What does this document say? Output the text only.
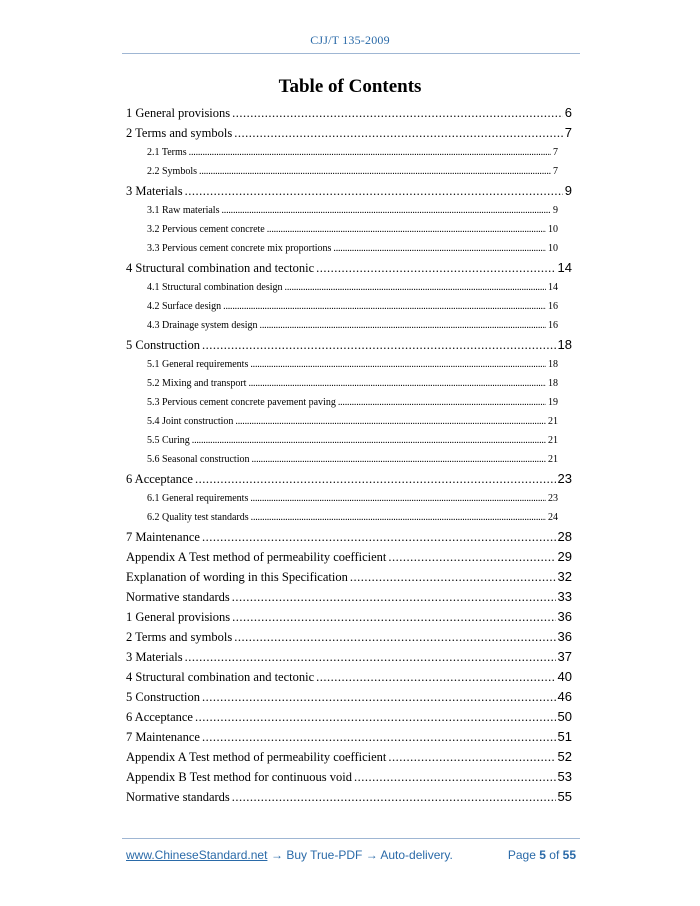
CJJ/T 135-2009
Table of Contents
1 General provisions .....	6
2 Terms and symbols .....	7
2.1 Terms .....	7
2.2 Symbols .....	7
3 Materials .....	9
3.1 Raw materials .....	9
3.2 Pervious cement concrete .....	10
3.3 Pervious cement concrete mix proportions .....	10
4 Structural combination and tectonic .....	14
4.1 Structural combination design .....	14
4.2 Surface design .....	16
4.3 Drainage system design .....	16
5 Construction .....	18
5.1 General requirements .....	18
5.2 Mixing and transport .....	18
5.3 Pervious cement concrete pavement paving .....	19
5.4 Joint construction .....	21
5.5 Curing .....	21
5.6 Seasonal construction .....	21
6 Acceptance .....	23
6.1 General requirements .....	23
6.2 Quality test standards .....	24
7 Maintenance .....	28
Appendix A Test method of permeability coefficient .....	29
Explanation of wording in this Specification .....	32
Normative standards .....	33
1 General provisions .....	36
2 Terms and symbols .....	36
3 Materials .....	37
4 Structural combination and tectonic .....	40
5 Construction .....	46
6 Acceptance .....	50
7 Maintenance .....	51
Appendix A Test method of permeability coefficient .....	52
Appendix B Test method for continuous void .....	53
Normative standards .....	55
www.ChineseStandard.net → Buy True-PDF → Auto-delivery.	Page 5 of 55
